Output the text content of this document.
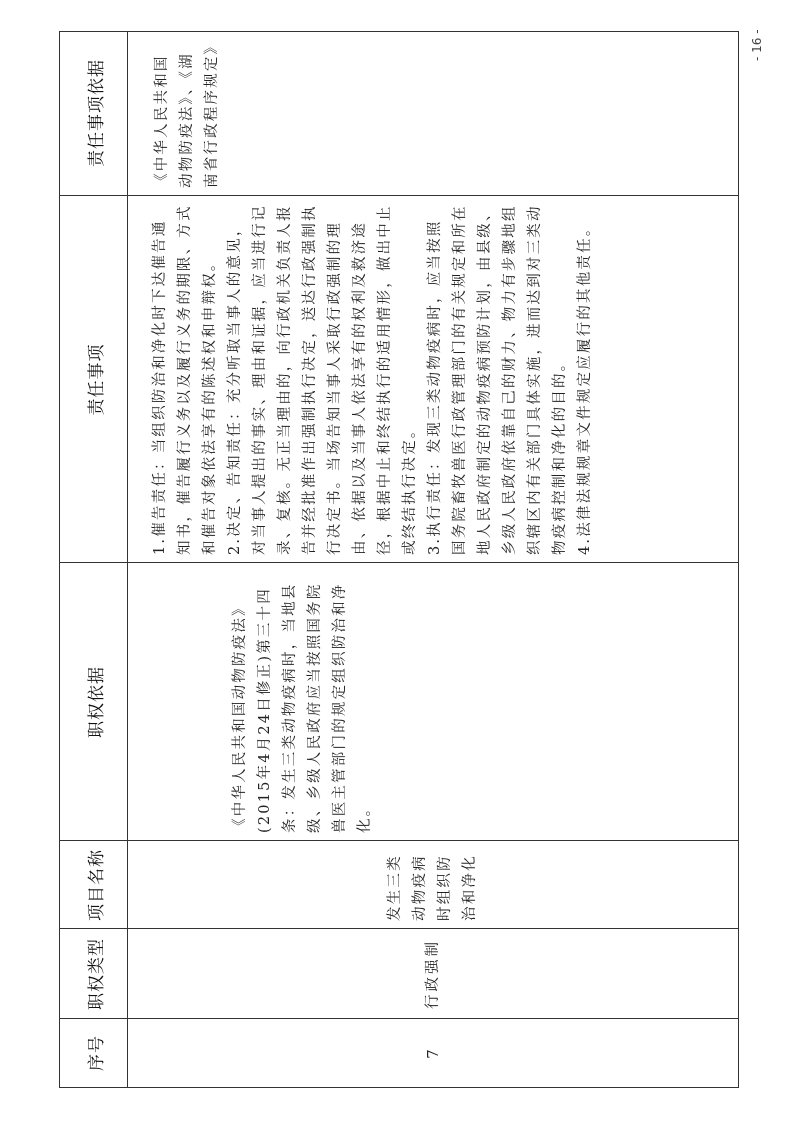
序号
职权类型
项目名称
职权依据
责任事项
责任事项依据
7
行政强制
发生三类动物疫病时组织防治和净化
《中华人民共和国动物防疫法》(2015年4月24日修正)第三十四条：发生三类动物疫病时，当地县级、乡级人民政府应当按照国务院兽医主管部门的规定组织防治和净化。

1.催告责任：当组织防治和净化时下达催告通知书，催告履行义务以及履行义务的期限、方式和催告对象依法享有的陈述权和申辩权。 2.决定、告知责任：充分听取当事人的意见，对当事人提出的事实、理由和证据，应当进行记录、复核。无正当理由的，向行政机关负责人报告并经批准作出强制执行决定，送达行政强制执行决定书。当场告知当事人采取行政强制的理由、依据以及当事人依法享有的权利及救济途径，根据中止和终结执行的适用情形，做出中止或终结执行决定。 3.执行责任：发现三类动物疫病时，应当按照国务院畜牧兽医行政管理部门的有关规定和所在地人民政府制定的动物疫病预防计划，由县级、乡级人民政府依靠自己的财力、物力有步骤地组织辖区内有关部门具体实施，进而达到对三类动物疫病控制和净化的目的。 4.法律法规规章文件规定应履行的其他责任。

《中华人民共和国动物防疫法》、《湖南省行政程序规定》	- 16 -
